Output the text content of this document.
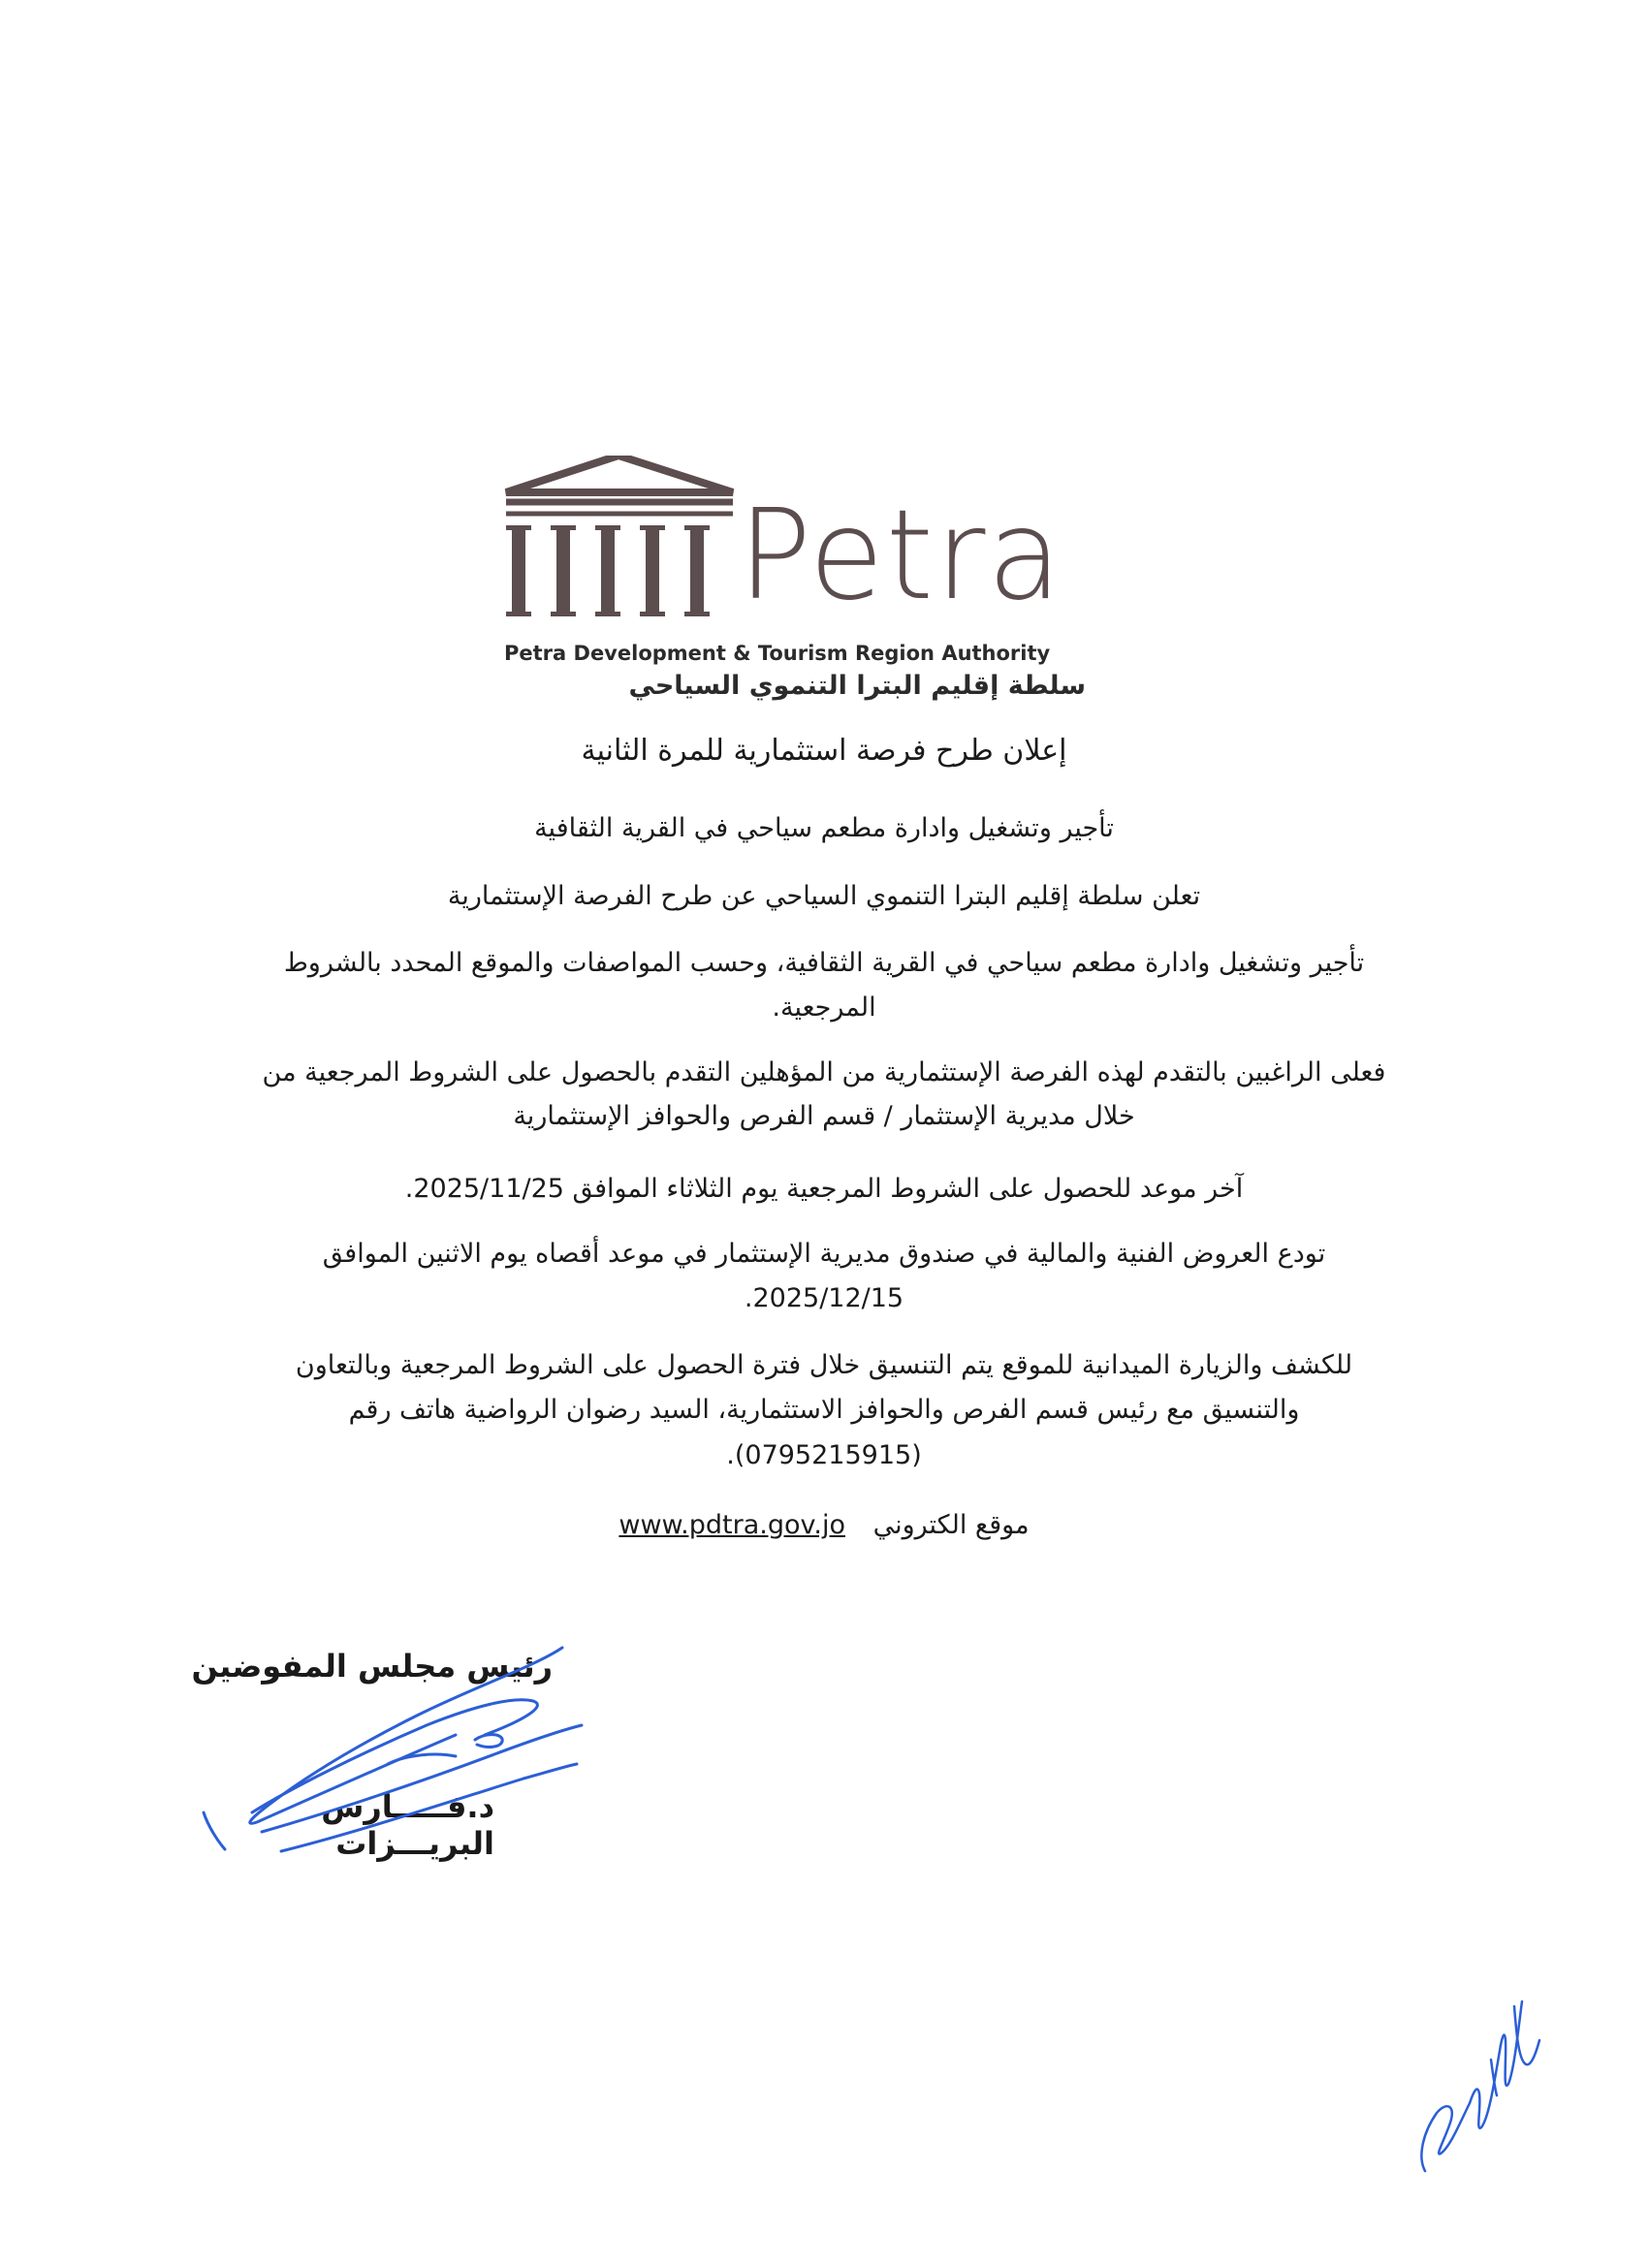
Petra
Petra Development & Tourism Region Authority
سلطة إقليم البترا التنموي السياحي
إعلان طرح فرصة استثمارية للمرة الثانية
تأجير وتشغيل وادارة مطعم سياحي في القرية الثقافية
تعلن سلطة إقليم البترا التنموي السياحي عن طرح الفرصة الإستثمارية
تأجير وتشغيل وادارة مطعم سياحي في القرية الثقافية، وحسب المواصفات والموقع المحدد بالشروط
المرجعية.
فعلى الراغبين بالتقدم لهذه الفرصة الإستثمارية من المؤهلين التقدم بالحصول على الشروط المرجعية من
خلال مديرية الإستثمار / قسم الفرص والحوافز الإستثمارية
آخر موعد للحصول على الشروط المرجعية يوم الثلاثاء الموافق 2025/11/25.
تودع العروض الفنية والمالية في صندوق مديرية الإستثمار في موعد أقصاه يوم الاثنين الموافق
2025/12/15.
للكشف والزيارة الميدانية للموقع يتم التنسيق خلال فترة الحصول على الشروط المرجعية وبالتعاون
والتنسيق مع رئيس قسم الفرص والحوافز الاستثمارية، السيد رضوان الرواضية هاتف رقم
(0795215915).
موقع الكتروني www.pdtra.gov.jo
رئيس مجلس المفوضين
د.فـــــارس البريـــزات
